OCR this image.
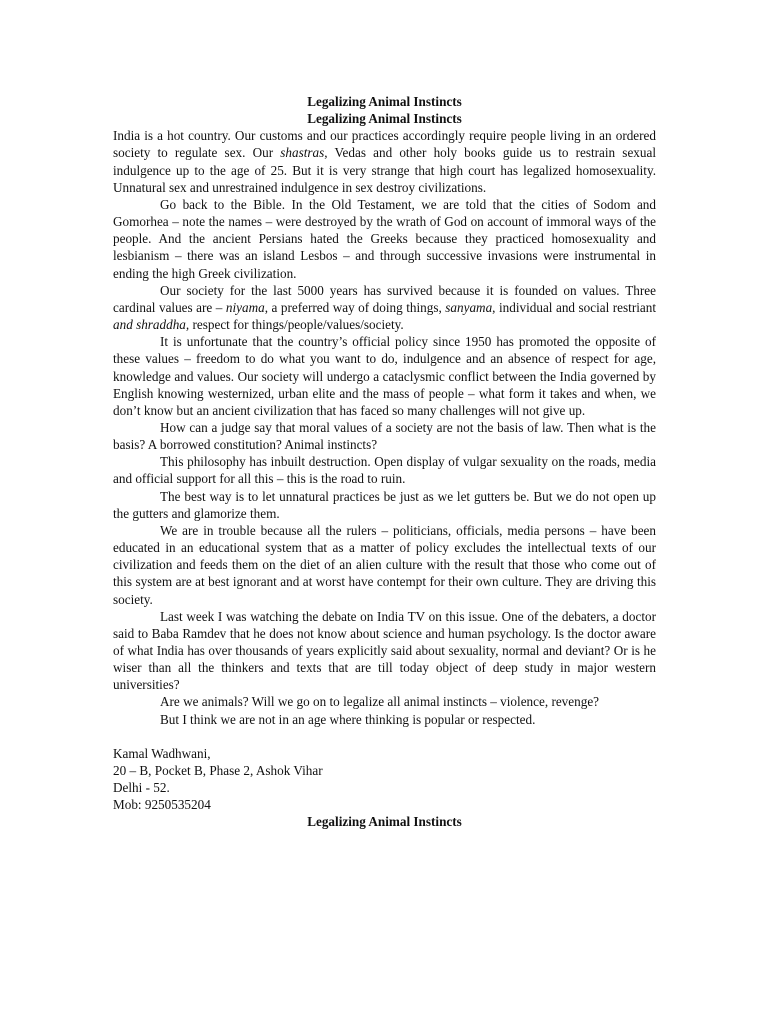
Legalizing Animal Instincts

Legalizing Animal Instincts

India is a hot country. Our customs and our practices accordingly require people living in an ordered society to regulate sex. Our shastras, Vedas and other holy books guide us to restrain sexual indulgence up to the age of 25. But it is very strange that high court has legalized homosexuality. Unnatural sex and unrestrained indulgence in sex destroy civilizations.

Go back to the Bible. In the Old Testament, we are told that the cities of Sodom and Gomorhea – note the names – were destroyed by the wrath of God on account of immoral ways of the people. And the ancient Persians hated the Greeks because they practiced homosexuality and lesbianism – there was an island Lesbos – and through successive invasions were instrumental in ending the high Greek civilization.

Our society for the last 5000 years has survived because it is founded on values. Three cardinal values are – niyama, a preferred way of doing things, sanyama, individual and social restriant and shraddha, respect for things/people/values/society.

It is unfortunate that the country’s official policy since 1950 has promoted the opposite of these values – freedom to do what you want to do, indulgence and an absence of respect for age, knowledge and values. Our society will undergo a cataclysmic conflict between the India governed by English knowing westernized, urban elite and the mass of people – what form it takes and when, we don’t know but an ancient civilization that has faced so many challenges will not give up.

How can a judge say that moral values of a society are not the basis of law. Then what is the basis? A borrowed constitution? Animal instincts?

This philosophy has inbuilt destruction. Open display of vulgar sexuality on the roads, media and official support for all this – this is the road to ruin.

The best way is to let unnatural practices be just as we let gutters be. But we do not open up the gutters and glamorize them.

We are in trouble because all the rulers – politicians, officials, media persons – have been educated in an educational system that as a matter of policy excludes the intellectual texts of our civilization and feeds them on the diet of an alien culture with the result that those who come out of this system are at best ignorant and at worst have contempt for their own culture. They are driving this society.

Last week I was watching the debate on India TV on this issue. One of the debaters, a doctor said to Baba Ramdev that he does not know about science and human psychology. Is the doctor aware of what India has over thousands of years explicitly said about sexuality, normal and deviant? Or is he wiser than all the thinkers and texts that are till today object of deep study in major western universities?

Are we animals? Will we go on to legalize all animal instincts – violence, revenge?

But I think we are not in an age where thinking is popular or respected.

Kamal Wadhwani,

20 – B, Pocket B, Phase 2, Ashok Vihar

Delhi - 52.

Mob: 9250535204

Legalizing Animal Instincts
